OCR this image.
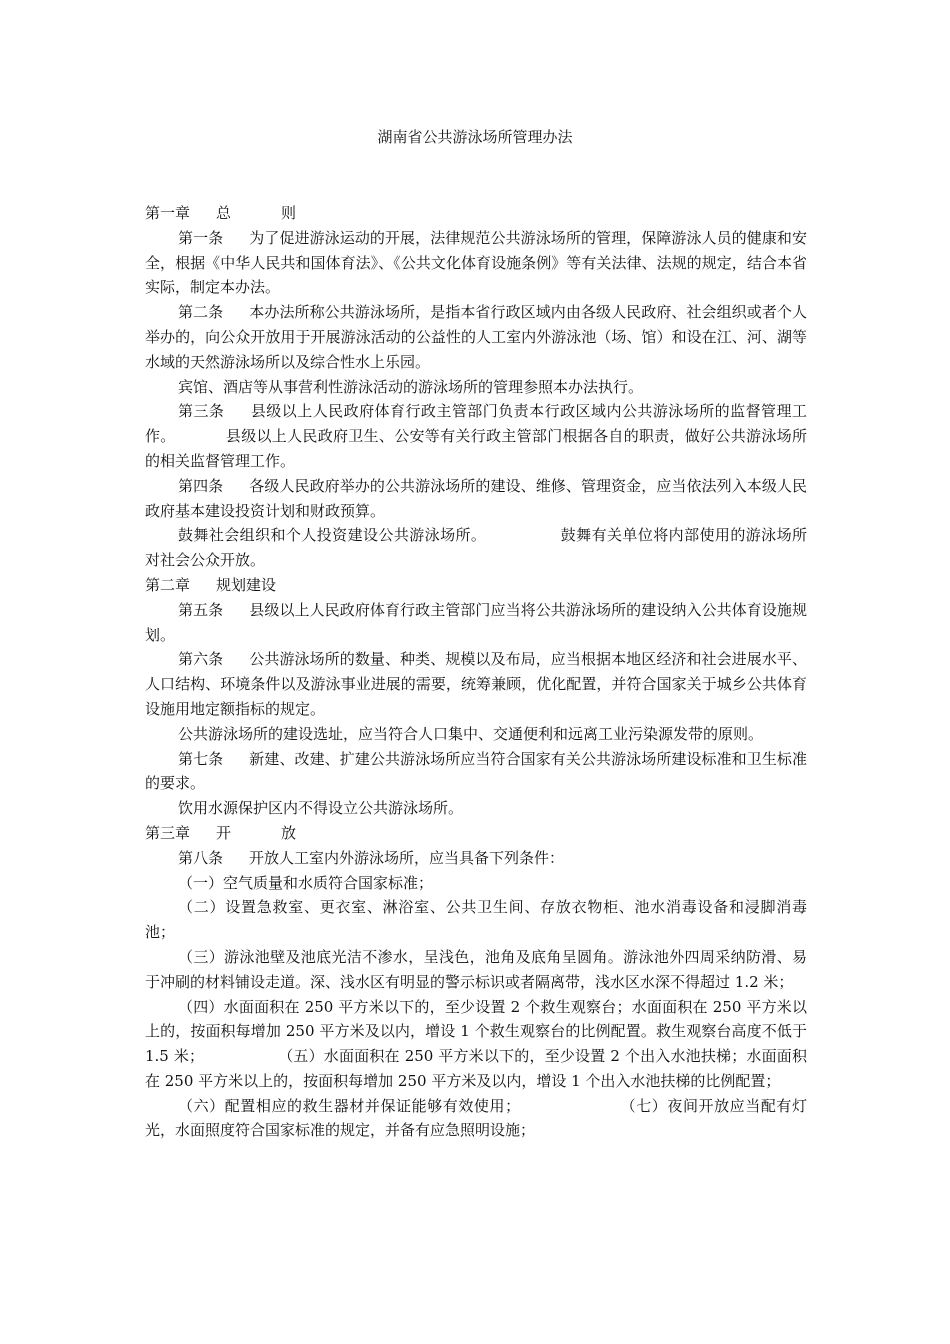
湖南省公共游泳场所管理办法

第一章 总	则

第一条 为了促进游泳运动的开展，法律规范公共游泳场所的管理，保障游泳人员的健康和安全，根据《中华人民共和国体育法》、《公共文化体育设施条例》等有关法律、法规的规定，结合本省实际，制定本办法。

第二条 本办法所称公共游泳场所，是指本省行政区域内由各级人民政府、社会组织或者个人举办的，向公众开放用于开展游泳活动的公益性的人工室内外游泳池（场、馆）和设在江、河、湖等水域的天然游泳场所以及综合性水上乐园。

宾馆、酒店等从事营利性游泳活动的游泳场所的管理参照本办法执行。

第三条 县级以上人民政府体育行政主管部门负责本行政区域内公共游泳场所的监督管理工作。	县级以上人民政府卫生、公安等有关行政主管部门根据各自的职责，做好公共游泳场所的相关监督管理工作。

第四条 各级人民政府举办的公共游泳场所的建设、维修、管理资金，应当依法列入本级人民政府基本建设投资计划和财政预算。

鼓舞社会组织和个人投资建设公共游泳场所。	鼓舞有关单位将内部使用的游泳场所对社会公众开放。

第二章 规划建设

第五条 县级以上人民政府体育行政主管部门应当将公共游泳场所的建设纳入公共体育设施规划。

第六条 公共游泳场所的数量、种类、规模以及布局，应当根据本地区经济和社会进展水平、人口结构、环境条件以及游泳事业进展的需要，统筹兼顾，优化配置，并符合国家关于城乡公共体育设施用地定额指标的规定。

公共游泳场所的建设选址，应当符合人口集中、交通便利和远离工业污染源发带的原则。

第七条 新建、改建、扩建公共游泳场所应当符合国家有关公共游泳场所建设标准和卫生标准的要求。

饮用水源保护区内不得设立公共游泳场所。

第三章 开	放

第八条 开放人工室内外游泳场所，应当具备下列条件：

（一）空气质量和水质符合国家标准；

（二）设置急救室、更衣室、淋浴室、公共卫生间、存放衣物柜、池水消毒设备和浸脚消毒池；

（三）游泳池壁及池底光洁不渗水，呈浅色，池角及底角呈圆角。游泳池外四周采纳防滑、易于冲刷的材料铺设走道。深、浅水区有明显的警示标识或者隔离带，浅水区水深不得超过 1.2 米；

（四）水面面积在 250 平方米以下的，至少设置 2 个救生观察台；水面面积在 250 平方米以上的，按面积每增加 250 平方米及以内，增设 1 个救生观察台的比例配置。救生观察台高度不低于 1.5 米；	（五）水面面积在 250 平方米以下的，至少设置 2 个出入水池扶梯；水面面积在 250 平方米以上的，按面积每增加 250 平方米及以内，增设 1 个出入水池扶梯的比例配置；

（六）配置相应的救生器材并保证能够有效使用；	（七）夜间开放应当配有灯光，水面照度符合国家标准的规定，并备有应急照明设施；
